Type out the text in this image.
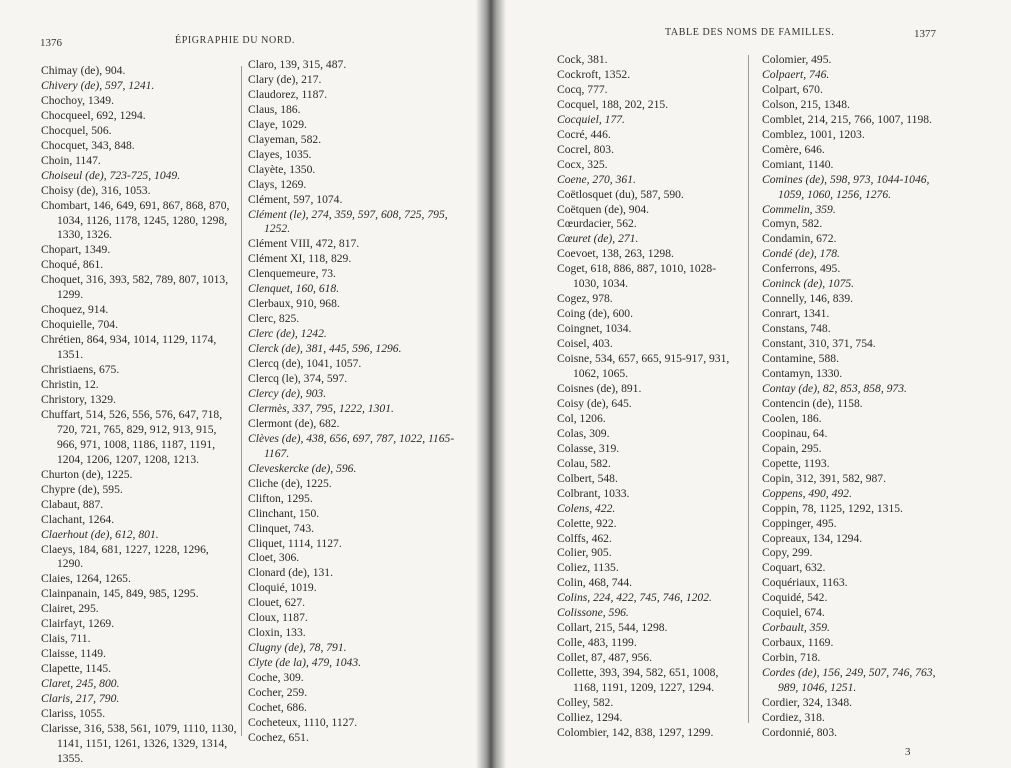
1376	ÉPIGRAPHIE DU NORD.
1377
TABLE DES NOMS DE FAMILLES.
Chimay (de), 904.
Chivery (de), 597, 1241.
Chochoy, 1349.
Chocqueel, 692, 1294.
Chocquel, 506.
Chocquet, 343, 848.
Choin, 1147.
Choiseul (de), 723-725, 1049.
Choisy (de), 316, 1053.
Chombart, 146, 649, 691, 867, 868, 870, 1034, 1126, 1178, 1245, 1280, 1298, 1330, 1326.
Chopart, 1349.
Choqué, 861.
Choquet, 316, 393, 582, 789, 807, 1013, 1299.
Choquez, 914.
Choquielle, 704.
Chrétien, 864, 934, 1014, 1129, 1174, 1351.
Christiaens, 675.
Christin, 12.
Christory, 1329.
Chuffart, 514, 526, 556, 576, 647, 718, 720, 721, 765, 829, 912, 913, 915, 966, 971, 1008, 1186, 1187, 1191, 1204, 1206, 1207, 1208, 1213.
Churton (de), 1225.
Chypre (de), 595.
Clabaut, 887.
Clachant, 1264.
Claerhout (de), 612, 801.
Claeys, 184, 681, 1227, 1228, 1296, 1290.
Claies, 1264, 1265.
Clainpanain, 145, 849, 985, 1295.
Clairet, 295.
Clairfayt, 1269.
Clais, 711.
Claisse, 1149.
Clapette, 1145.
Claret, 245, 800.
Claris, 217, 790.
Clariss, 1055.
Clarisse, 316, 538, 561, 1079, 1110, 1130, 1141, 1151, 1261, 1326, 1329, 1314, 1355.
Claro, 139, 315, 487.
Clary (de), 217.
Claudorez, 1187.
Claus, 186.
Claye, 1029.
Clayeman, 582.
Clayes, 1035.
Clayète, 1350.
Clays, 1269.
Clément, 597, 1074.
Clément (le), 274, 359, 597, 608, 725, 795, 1252.
Clément VIII, 472, 817.
Clément XI, 118, 829.
Clenquemeure, 73.
Clenquet, 160, 618.
Clerbaux, 910, 968.
Clerc, 825.
Clerc (de), 1242.
Clerck (de), 381, 445, 596, 1296.
Clercq (de), 1041, 1057.
Clercq (le), 374, 597.
Clercy (de), 903.
Clermès, 337, 795, 1222, 1301.
Clermont (de), 682.
Clèves (de), 438, 656, 697, 787, 1022, 1165-1167.
Cleveskercke (de), 596.
Cliche (de), 1225.
Clifton, 1295.
Clinchant, 150.
Clinquet, 743.
Cliquet, 1114, 1127.
Cloet, 306.
Clonard (de), 131.
Cloquié, 1019.
Clouet, 627.
Cloux, 1187.
Cloxin, 133.
Clugny (de), 78, 791.
Clyte (de la), 479, 1043.
Coche, 309.
Cocher, 259.
Cochet, 686.
Cocheteux, 1110, 1127.
Cochez, 651.
Cock, 381.
Cockroft, 1352.
Cocq, 777.
Cocquel, 188, 202, 215.
Cocquiel, 177.
Cocré, 446.
Cocrel, 803.
Cocx, 325.
Coene, 270, 361.
Coëtlosquet (du), 587, 590.
Coëtquen (de), 904.
Cœurdacier, 562.
Cœuret (de), 271.
Coevoet, 138, 263, 1298.
Coget, 618, 886, 887, 1010, 1028-1030, 1034.
Cogez, 978.
Coing (de), 600.
Coingnet, 1034.
Coisel, 403.
Coisne, 534, 657, 665, 915-917, 931, 1062, 1065.
Coisnes (de), 891.
Coisy (de), 645.
Col, 1206.
Colas, 309.
Colasse, 319.
Colau, 582.
Colbert, 548.
Colbrant, 1033.
Colens, 422.
Colette, 922.
Colffs, 462.
Colier, 905.
Coliez, 1135.
Colin, 468, 744.
Colins, 224, 422, 745, 746, 1202.
Colissone, 596.
Collart, 215, 544, 1298.
Colle, 483, 1199.
Collet, 87, 487, 956.
Collette, 393, 394, 582, 651, 1008, 1168, 1191, 1209, 1227, 1294.
Colley, 582.
Colliez, 1294.
Colombier, 142, 838, 1297, 1299.
Colomier, 495.
Colpaert, 746.
Colpart, 670.
Colson, 215, 1348.
Comblet, 214, 215, 766, 1007, 1198.
Comblez, 1001, 1203.
Comère, 646.
Comiant, 1140.
Comines (de), 598, 973, 1044-1046, 1059, 1060, 1256, 1276.
Commelin, 359.
Comyn, 582.
Condamin, 672.
Condé (de), 178.
Conferrons, 495.
Coninck (de), 1075.
Connelly, 146, 839.
Conrart, 1341.
Constans, 748.
Constant, 310, 371, 754.
Contamine, 588.
Contamyn, 1330.
Contay (de), 82, 853, 858, 973.
Contencin (de), 1158.
Coolen, 186.
Coopinau, 64.
Copain, 295.
Copette, 1193.
Copin, 312, 391, 582, 987.
Coppens, 490, 492.
Coppin, 78, 1125, 1292, 1315.
Coppinger, 495.
Copreaux, 134, 1294.
Copy, 299.
Coquart, 632.
Coquériaux, 1163.
Coquidé, 542.
Coquiel, 674.
Corbault, 359.
Corbaux, 1169.
Corbin, 718.
Cordes (de), 156, 249, 507, 746, 763, 989, 1046, 1251.
Cordier, 324, 1348.
Cordiez, 318.
Cordonnié, 803.
3
